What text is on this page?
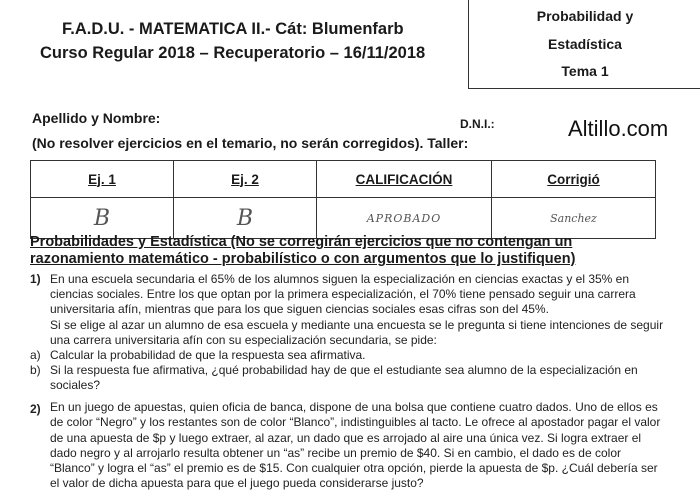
F.A.D.U. - MATEMATICA II.- Cát: Blumenfarb
Curso Regular 2018 – Recuperatorio – 16/11/2018
Probabilidad y
Estadística
Tema 1
Apellido y Nombre:	D.N.I.:	Altillo.com
(No resolver ejercicios en el temario, no serán corregidos). Taller:
Ej. 1	Ej. 2	CALIFICACIÓN	Corrigió
B	B	APROBADO	Sanchez
Probabilidades y Estadística (No se corregirán ejercicios que no contengan un
razonamiento matemático - probabilístico o con argumentos que lo justifiquen)
1) En una escuela secundaria el 65% de los alumnos siguen la especialización en ciencias exactas y el 35% en
ciencias sociales. Entre los que optan por la primera especialización, el 70% tiene pensado seguir una carrera
universitaria afín, mientras que para los que siguen ciencias sociales esas cifras son del 45%.
Si se elige al azar un alumno de esa escuela y mediante una encuesta se le pregunta si tiene intenciones de seguir
una carrera universitaria afín con su especialización secundaria, se pide:
a) Calcular la probabilidad de que la respuesta sea afirmativa.
b) Si la respuesta fue afirmativa, ¿qué probabilidad hay de que el estudiante sea alumno de la especialización en
sociales?
2) En un juego de apuestas, quien oficia de banca, dispone de una bolsa que contiene cuatro dados. Uno de ellos es
de color “Negro” y los restantes son de color “Blanco”, indistinguibles al tacto. Le ofrece al apostador pagar el valor
de una apuesta de $p y luego extraer, al azar, un dado que es arrojado al aire una única vez. Si logra extraer el
dado negro y al arrojarlo resulta obtener un “as” recibe un premio de $40. Si en cambio, el dado es de color
“Blanco” y logra el “as” el premio es de $15. Con cualquier otra opción, pierde la apuesta de $p. ¿Cuál debería ser
el valor de dicha apuesta para que el juego pueda considerarse justo?
